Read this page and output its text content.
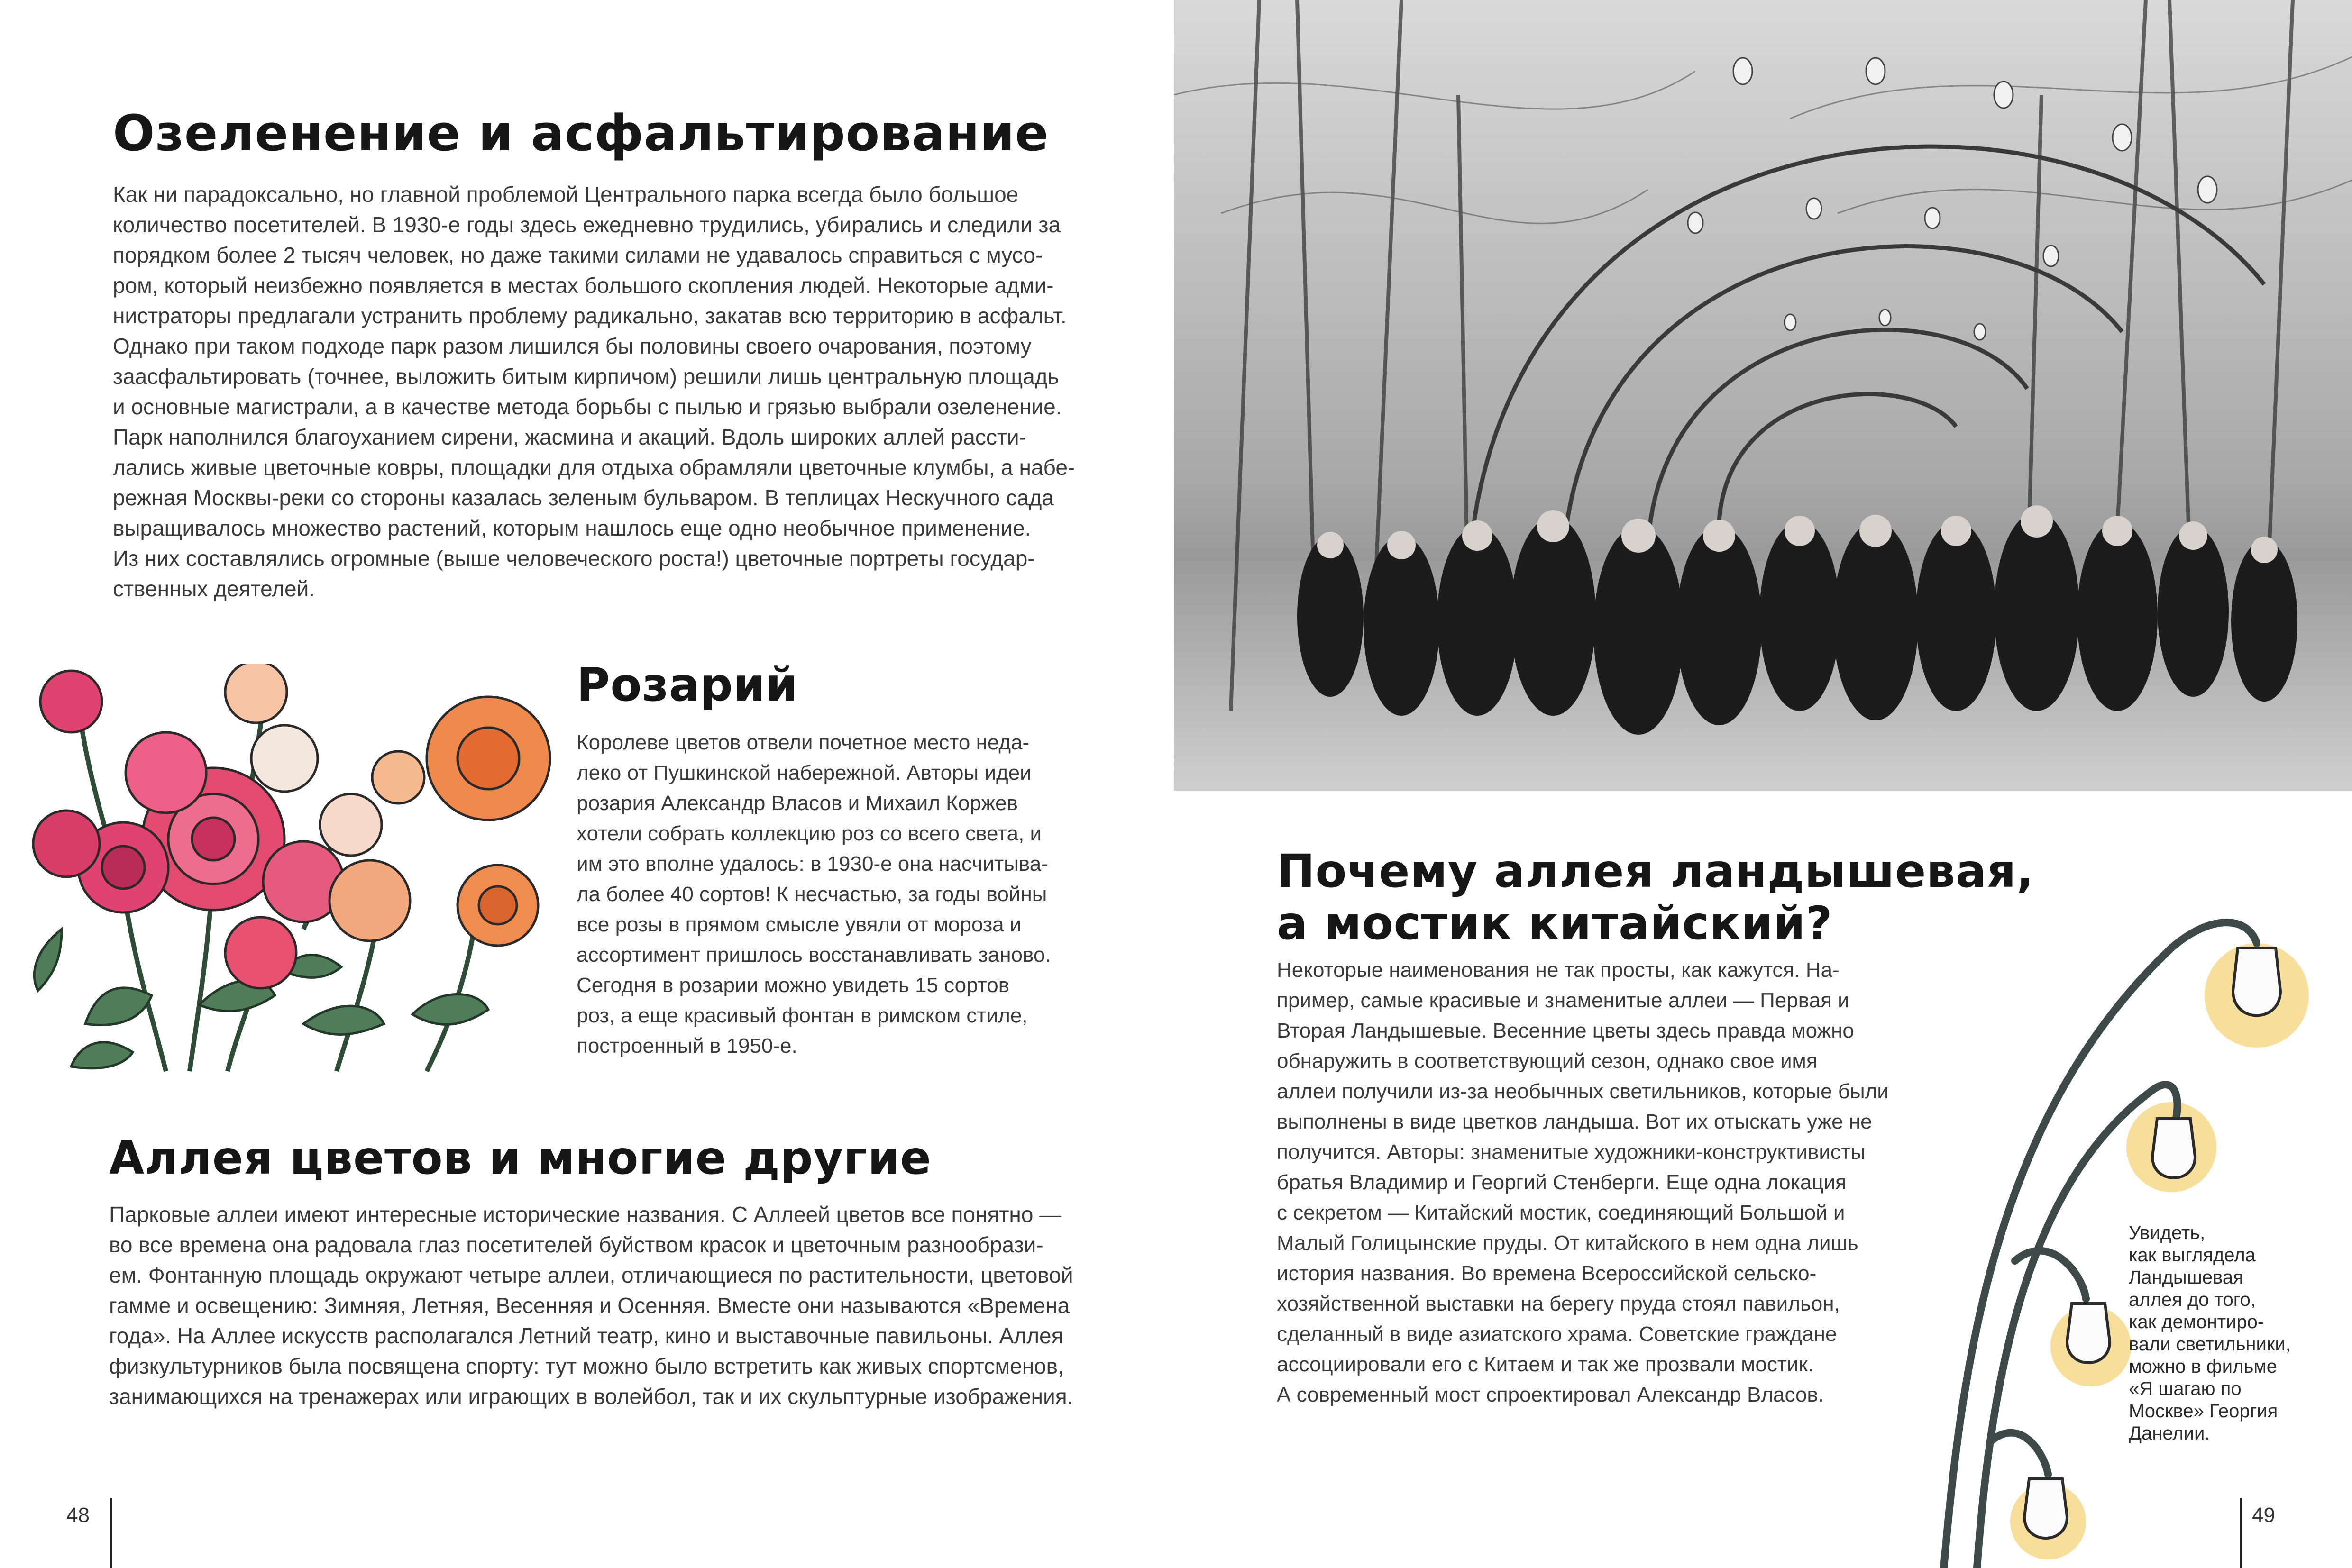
Озеленение и асфальтирование

Как ни парадоксально, но главной проблемой Центрального парка всегда было большое

количество посетителей. В 1930-е годы здесь ежедневно трудились, убирались и следили за

порядком более 2 тысяч человек, но даже такими силами не удавалось справиться с мусо-

ром, который неизбежно появляется в местах большого скопления людей. Некоторые адми-

нистраторы предлагали устранить проблему радикально, закатав всю территорию в асфальт.

Однако при таком подходе парк разом лишился бы половины своего очарования, поэтому

заасфальтировать (точнее, выложить битым кирпичом) решили лишь центральную площадь

и основные магистрали, а в качестве метода борьбы с пылью и грязью выбрали озеленение.

Парк наполнился благоуханием сирени, жасмина и акаций. Вдоль широких аллей рассти-

лались живые цветочные ковры, площадки для отдыха обрамляли цветочные клумбы, а набе-

режная Москвы-реки со стороны казалась зеленым бульваром. В теплицах Нескучного сада

выращивалось множество растений, которым нашлось еще одно необычное применение.

Из них составлялись огромные (выше человеческого роста!) цветочные портреты государ-

ственных деятелей.

Розарий

Королеве цветов отвели почетное место неда-

леко от Пушкинской набережной. Авторы идеи

розария Александр Власов и Михаил Коржев

хотели собрать коллекцию роз со всего света, и

им это вполне удалось: в 1930-е она насчитыва-

ла более 40 сортов! К несчастью, за годы войны

все розы в прямом смысле увяли от мороза и

ассортимент пришлось восстанавливать заново.

Сегодня в розарии можно увидеть 15 сортов

роз, а еще красивый фонтан в римском стиле,

построенный в 1950-е.

Аллея цветов и многие другие

Парковые аллеи имеют интересные исторические названия. С Аллеей цветов все понятно —

во все времена она радовала глаз посетителей буйством красок и цветочным разнообрази-

ем. Фонтанную площадь окружают четыре аллеи, отличающиеся по растительности, цветовой

гамме и освещению: Зимняя, Летняя, Весенняя и Осенняя. Вместе они называются «Времена

года». На Аллее искусств располагался Летний театр, кино и выставочные павильоны. Аллея

физкультурников была посвящена спорту: тут можно было встретить как живых спортсменов,

занимающихся на тренажерах или играющих в волейбол, так и их скульптурные изображения.

48
Почему аллея ландышевая,
а мостик китайский?

Некоторые наименования не так просты, как кажутся. На-

пример, самые красивые и знаменитые аллеи — Первая и

Вторая Ландышевые. Весенние цветы здесь правда можно

обнаружить в соответствующий сезон, однако свое имя

аллеи получили из-за необычных светильников, которые были

выполнены в виде цветков ландыша. Вот их отыскать уже не

получится. Авторы: знаменитые художники-конструктивисты

братья Владимир и Георгий Стенберги. Еще одна локация

с секретом — Китайский мостик, соединяющий Большой и

Малый Голицынские пруды. От китайского в нем одна лишь

история названия. Во времена Всероссийской сельско-

хозяйственной выставки на берегу пруда стоял павильон,

сделанный в виде азиатского храма. Советские граждане

ассоциировали его с Китаем и так же прозвали мостик.

А современный мост спроектировал Александр Власов.

Увидеть,

как выглядела

Ландышевая

аллея до того,

как демонтиро-

вали светильники,

можно в фильме

«Я шагаю по

Москве» Георгия

Данелии.

49
